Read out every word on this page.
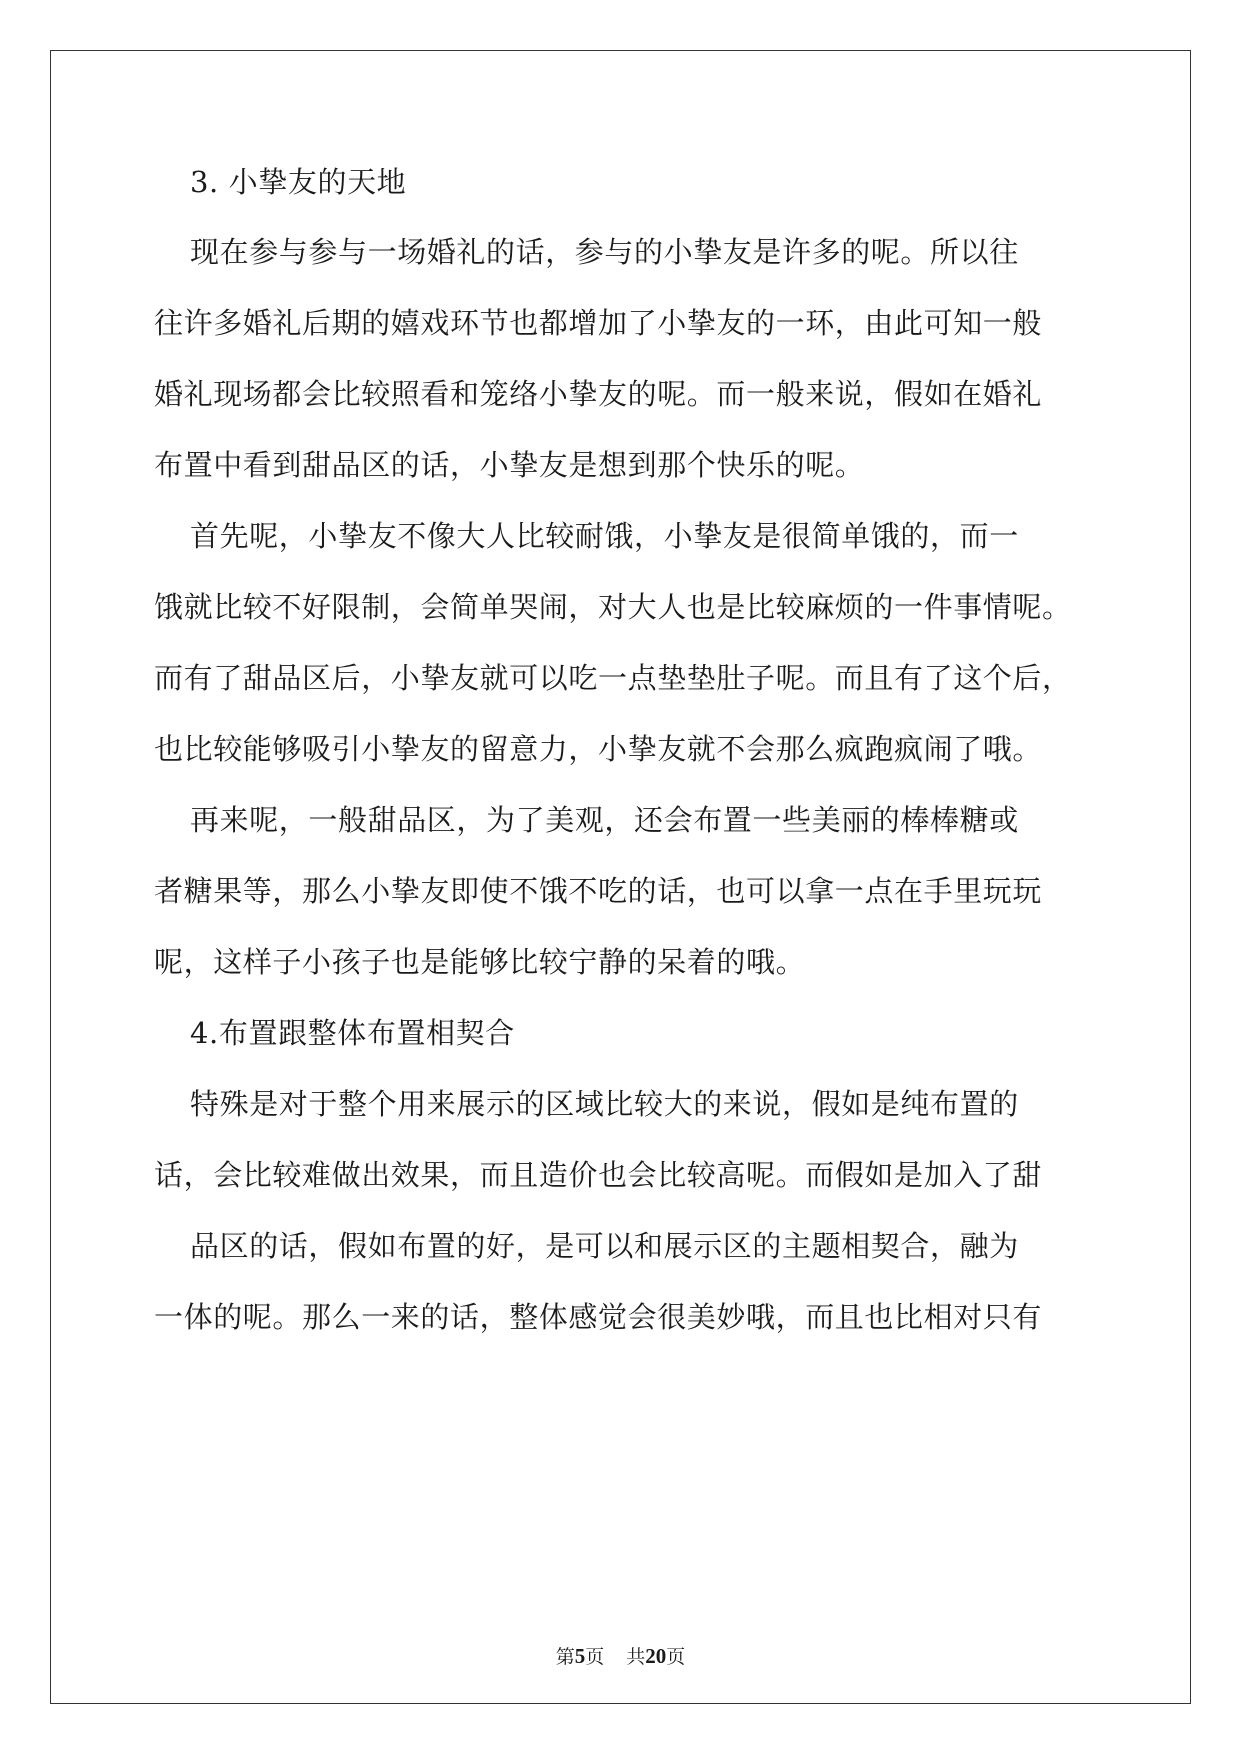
3. 小挚友的天地
现在参与参与一场婚礼的话，参与的小挚友是许多的呢。所以往
往许多婚礼后期的嬉戏环节也都增加了小挚友的一环，由此可知一般
婚礼现场都会比较照看和笼络小挚友的呢。而一般来说，假如在婚礼
布置中看到甜品区的话，小挚友是想到那个快乐的呢。
首先呢，小挚友不像大人比较耐饿，小挚友是很简单饿的，而一
饿就比较不好限制，会简单哭闹，对大人也是比较麻烦的一件事情呢。
而有了甜品区后，小挚友就可以吃一点垫垫肚子呢。而且有了这个后，
也比较能够吸引小挚友的留意力，小挚友就不会那么疯跑疯闹了哦。
再来呢，一般甜品区，为了美观，还会布置一些美丽的棒棒糖或
者糖果等，那么小挚友即使不饿不吃的话，也可以拿一点在手里玩玩
呢，这样子小孩子也是能够比较宁静的呆着的哦。
4.布置跟整体布置相契合
特殊是对于整个用来展示的区域比较大的来说，假如是纯布置的
话，会比较难做出效果，而且造价也会比较高呢。而假如是加入了甜
品区的话，假如布置的好，是可以和展示区的主题相契合，融为
一体的呢。那么一来的话，整体感觉会很美妙哦，而且也比相对只有
第5页 共20页
